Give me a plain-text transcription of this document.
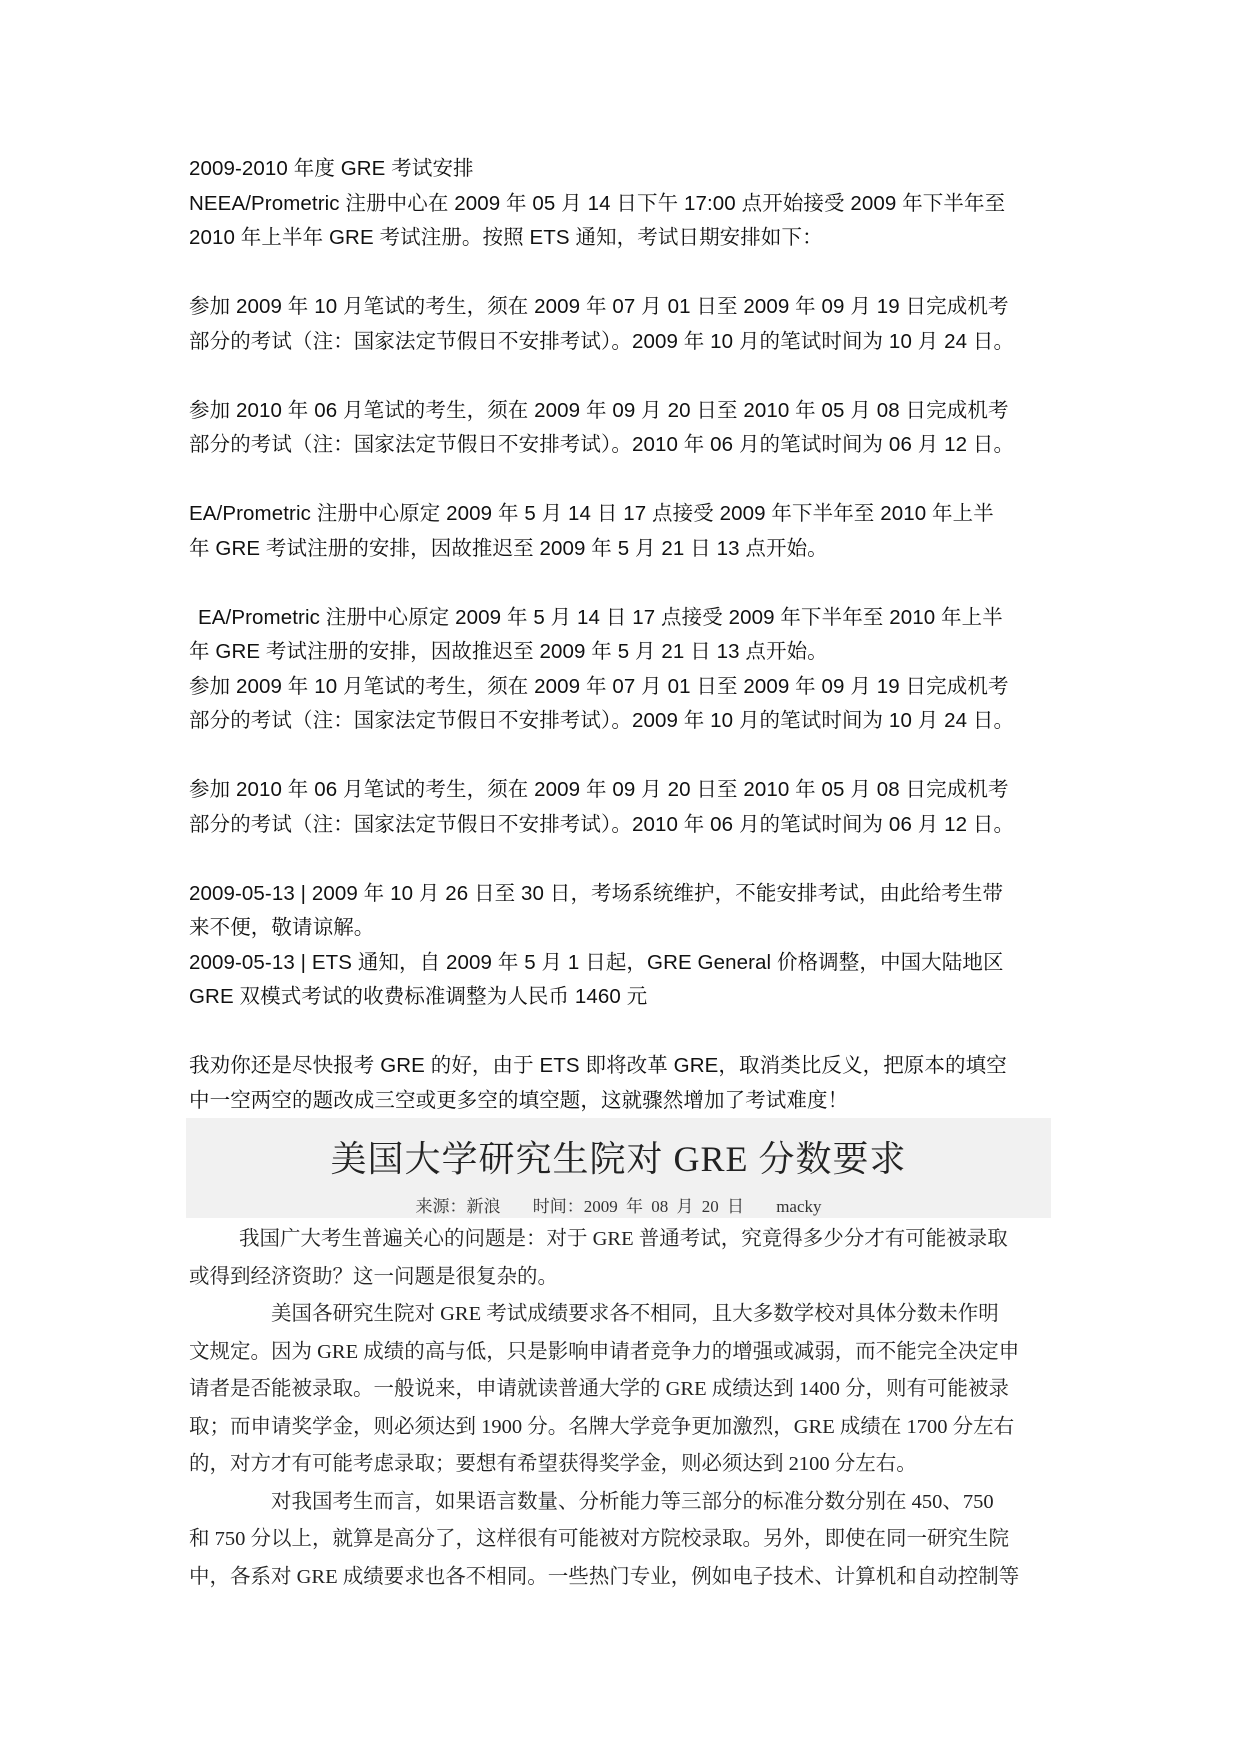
2009-2010 年度 GRE 考试安排
NEEA/Prometric 注册中心在 2009 年 05 月 14 日下午 17:00 点开始接受 2009 年下半年至
2010 年上半年 GRE 考试注册。按照 ETS 通知，考试日期安排如下：
参加 2009 年 10 月笔试的考生，须在 2009 年 07 月 01 日至 2009 年 09 月 19 日完成机考
部分的考试（注：国家法定节假日不安排考试）。2009 年 10 月的笔试时间为 10 月 24 日。
参加 2010 年 06 月笔试的考生，须在 2009 年 09 月 20 日至 2010 年 05 月 08 日完成机考
部分的考试（注：国家法定节假日不安排考试）。2010 年 06 月的笔试时间为 06 月 12 日。
EA/Prometric 注册中心原定 2009 年 5 月 14 日 17 点接受 2009 年下半年至 2010 年上半
年 GRE 考试注册的安排，因故推迟至 2009 年 5 月 21 日 13 点开始。
EA/Prometric 注册中心原定 2009 年 5 月 14 日 17 点接受 2009 年下半年至 2010 年上半
年 GRE 考试注册的安排，因故推迟至 2009 年 5 月 21 日 13 点开始。
参加 2009 年 10 月笔试的考生，须在 2009 年 07 月 01 日至 2009 年 09 月 19 日完成机考
部分的考试（注：国家法定节假日不安排考试）。2009 年 10 月的笔试时间为 10 月 24 日。
参加 2010 年 06 月笔试的考生，须在 2009 年 09 月 20 日至 2010 年 05 月 08 日完成机考
部分的考试（注：国家法定节假日不安排考试）。2010 年 06 月的笔试时间为 06 月 12 日。
2009-05-13 | 2009 年 10 月 26 日至 30 日，考场系统维护，不能安排考试，由此给考生带
来不便，敬请谅解。
2009-05-13 | ETS 通知，自 2009 年 5 月 1 日起，GRE General 价格调整，中国大陆地区
GRE 双模式考试的收费标准调整为人民币 1460 元
我劝你还是尽快报考 GRE 的好，由于 ETS 即将改革 GRE，取消类比反义，把原本的填空
中一空两空的题改成三空或更多空的填空题，这就骤然增加了考试难度！
美国大学研究生院对 GRE 分数要求
来源：新浪 时间：2009 年 08 月 20 日 macky
我国广大考生普遍关心的问题是：对于 GRE 普通考试，究竟得多少分才有可能被录取
或得到经济资助？这一问题是很复杂的。
美国各研究生院对 GRE 考试成绩要求各不相同，且大多数学校对具体分数未作明
文规定。因为 GRE 成绩的高与低，只是影响申请者竞争力的增强或减弱，而不能完全决定申
请者是否能被录取。一般说来，申请就读普通大学的 GRE 成绩达到 1400 分，则有可能被录
取；而申请奖学金，则必须达到 1900 分。名牌大学竞争更加激烈，GRE 成绩在 1700 分左右
的，对方才有可能考虑录取；要想有希望获得奖学金，则必须达到 2100 分左右。
对我国考生而言，如果语言数量、分析能力等三部分的标准分数分别在 450、750
和 750 分以上，就算是高分了，这样很有可能被对方院校录取。另外，即使在同一研究生院
中，各系对 GRE 成绩要求也各不相同。一些热门专业，例如电子技术、计算机和自动控制等
